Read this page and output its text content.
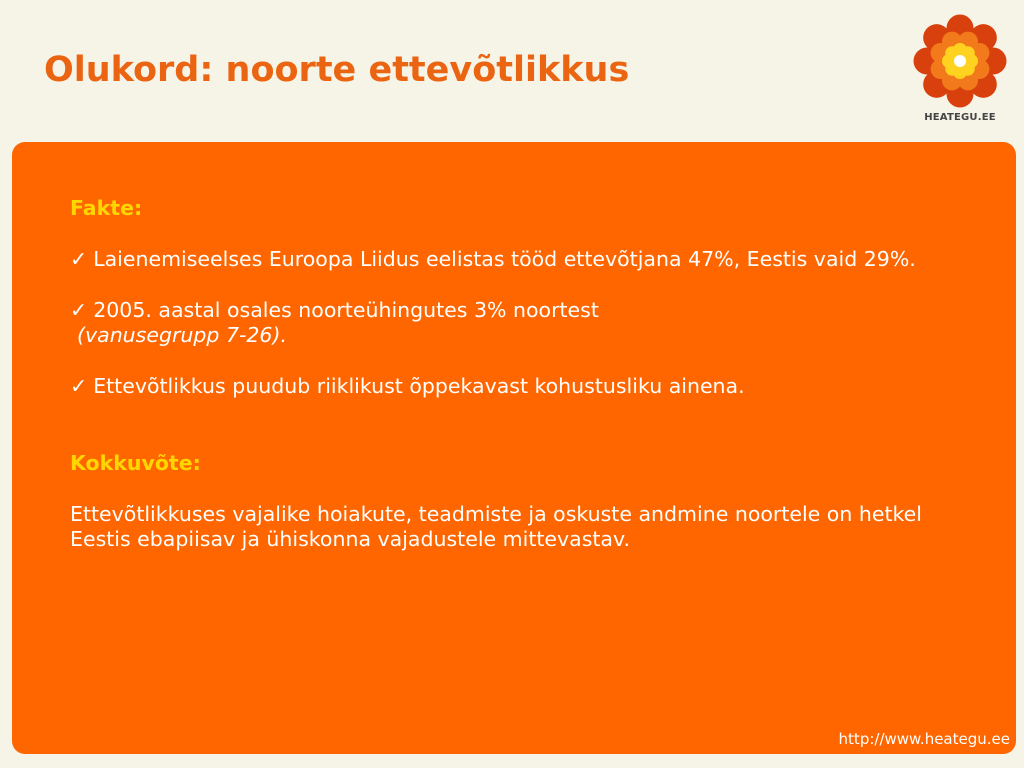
Olukord: noorte ettevõtlikkus
HEATEGU.EE
Fakte:
✓ Laienemiseelses Euroopa Liidus eelistas tööd ettevõtjana 47%, Eestis vaid 29%.
✓ 2005. aastal osales noorteühingutes 3% noortest
(vanusegrupp 7-26).
✓ Ettevõtlikkus puudub riiklikust õppekavast kohustusliku ainena.
Kokkuvõte:

Ettevõtlikkuses vajalike hoiakute, teadmiste ja oskuste andmine noortele on hetkel Eestis ebapiisav ja ühiskonna vajadustele mittevastav.

http://www.heategu.ee
